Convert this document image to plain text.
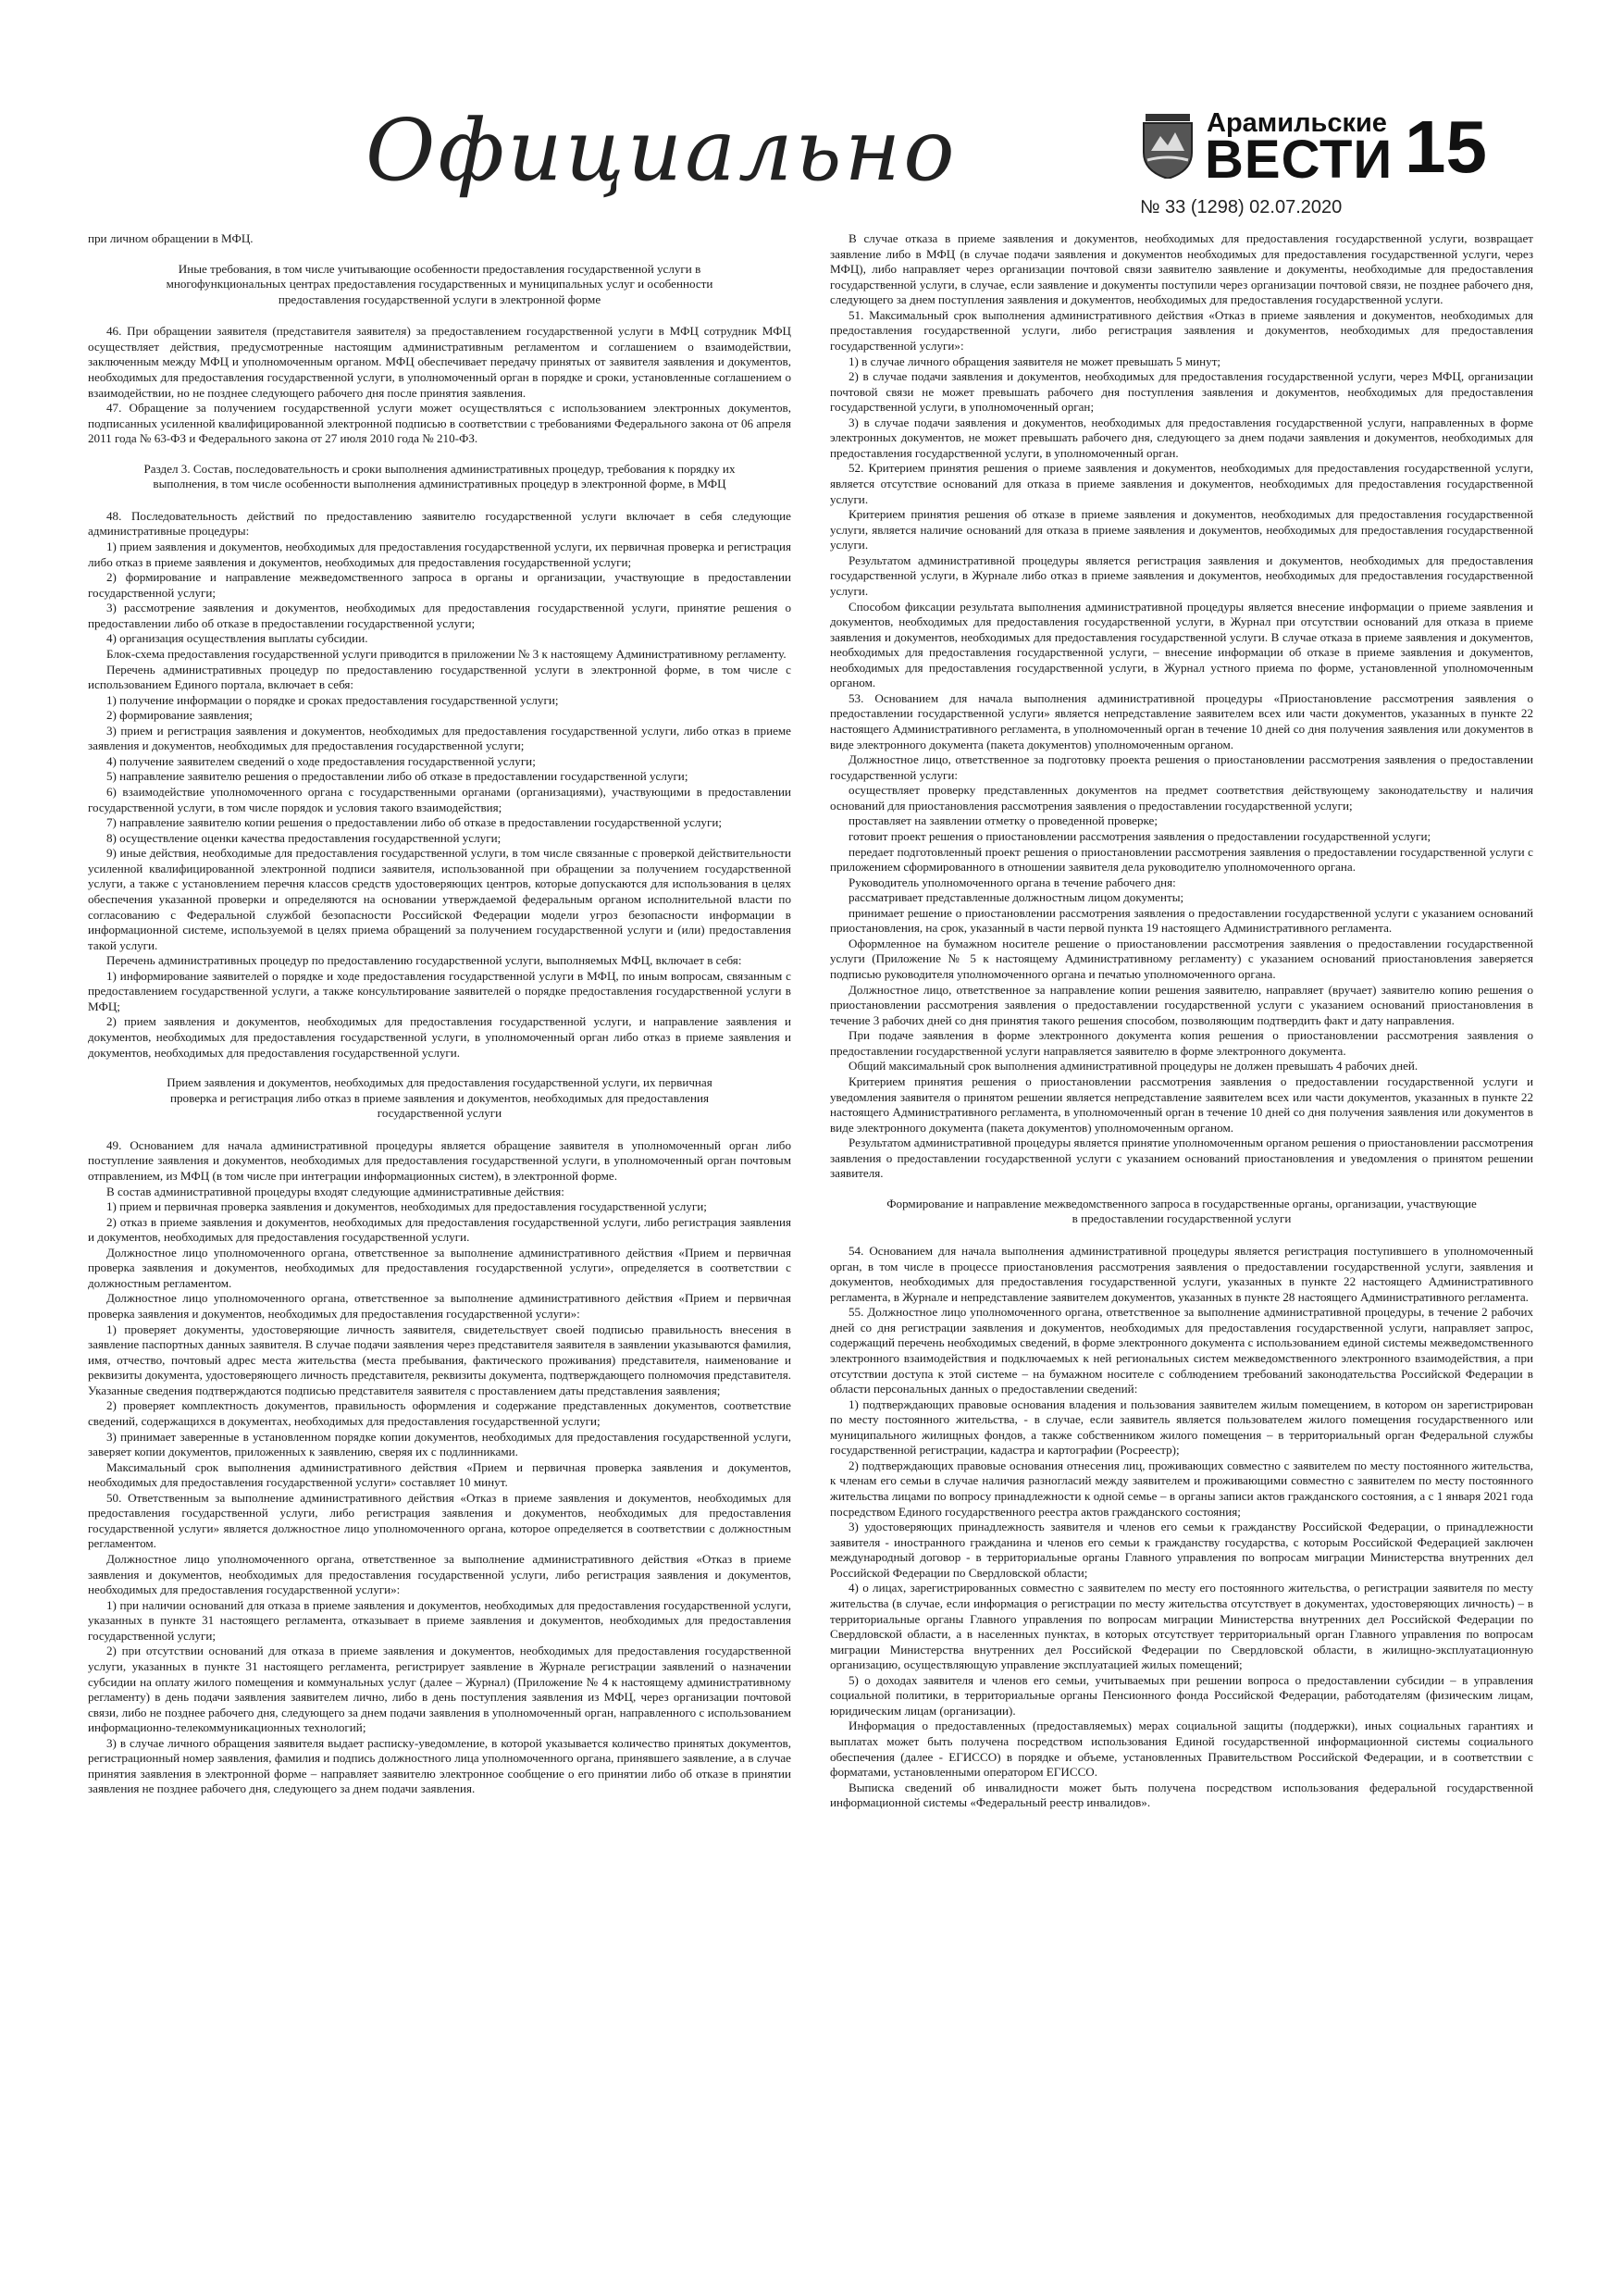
Официально	Арамильские
ВЕСТИ
№ 33 (1298) 02.07.2020
15

при личном обращении в МФЦ.

Иные требования, в том числе учитывающие особенности предоставления государственной услуги в многофункциональных центрах предоставления государственных и муниципальных услуг и особенности предоставления государственной услуги в электронной форме

46. При обращении заявителя (представителя заявителя) за предоставлением государственной услуги в МФЦ сотрудник МФЦ осуществляет действия, предусмотренные настоящим административным регламентом и соглашением о взаимодействии, заключенным между МФЦ и уполномоченным органом. МФЦ обеспечивает передачу принятых от заявителя заявления и документов, необходимых для предоставления государственной услуги, в уполномоченный орган в порядке и сроки, установленные соглашением о взаимодействии, но не позднее следующего рабочего дня после принятия заявления.

47. Обращение за получением государственной услуги может осуществляться с использованием электронных документов, подписанных усиленной квалифицированной электронной подписью в соответствии с требованиями Федерального закона от 06 апреля 2011 года № 63-ФЗ и Федерального закона от 27 июля 2010 года № 210-ФЗ.

Раздел 3. Состав, последовательность и сроки выполнения административных процедур, требования к порядку их выполнения, в том числе особенности выполнения административных процедур в электронной форме, в МФЦ

48. Последовательность действий по предоставлению заявителю государственной услуги включает в себя следующие административные процедуры:

1) прием заявления и документов, необходимых для предоставления государственной услуги, их первичная проверка и регистрация либо отказ в приеме заявления и документов, необходимых для предоставления государственной услуги;

2) формирование и направление межведомственного запроса в органы и организации, участвующие в предоставлении государственной услуги;

3) рассмотрение заявления и документов, необходимых для предоставления государственной услуги, принятие решения о предоставлении либо об отказе в предоставлении государственной услуги;

4) организация осуществления выплаты субсидии.

Блок-схема предоставления государственной услуги приводится в приложении № 3 к настоящему Административному регламенту.

Перечень административных процедур по предоставлению государственной услуги в электронной форме, в том числе с использованием Единого портала, включает в себя:

1) получение информации о порядке и сроках предоставления государственной услуги;

2) формирование заявления;

3) прием и регистрация заявления и документов, необходимых для предоставления государственной услуги, либо отказ в приеме заявления и документов, необходимых для предоставления государственной услуги;

4) получение заявителем сведений о ходе предоставления государственной услуги;

5) направление заявителю решения о предоставлении либо об отказе в предоставлении государственной услуги;

6) взаимодействие уполномоченного органа с государственными органами (организациями), участвующими в предоставлении государственной услуги, в том числе порядок и условия такого взаимодействия;

7) направление заявителю копии решения о предоставлении либо об отказе в предоставлении государственной услуги;

8) осуществление оценки качества предоставления государственной услуги;

9) иные действия, необходимые для предоставления государственной услуги, в том числе связанные с проверкой действительности усиленной квалифицированной электронной подписи заявителя, использованной при обращении за получением государственной услуги, а также с установлением перечня классов средств удостоверяющих центров, которые допускаются для использования в целях обеспечения указанной проверки и определяются на основании утверждаемой федеральным органом исполнительной власти по согласованию с Федеральной службой безопасности Российской Федерации модели угроз безопасности информации в информационной системе, используемой в целях приема обращений за получением государственной услуги и (или) предоставления такой услуги.

Перечень административных процедур по предоставлению государственной услуги, выполняемых МФЦ, включает в себя:

1) информирование заявителей о порядке и ходе предоставления государственной услуги в МФЦ, по иным вопросам, связанным с предоставлением государственной услуги, а также консультирование заявителей о порядке предоставления государственной услуги в МФЦ;

2) прием заявления и документов, необходимых для предоставления государственной услуги, и направление заявления и документов, необходимых для предоставления государственной услуги, в уполномоченный орган либо отказ в приеме заявления и документов, необходимых для предоставления государственной услуги.

Прием заявления и документов, необходимых для предоставления государственной услуги, их первичная проверка и регистрация либо отказ в приеме заявления и документов, необходимых для предоставления государственной услуги

49. Основанием для начала административной процедуры является обращение заявителя в уполномоченный орган либо поступление заявления и документов, необходимых для предоставления государственной услуги, в уполномоченный орган почтовым отправлением, из МФЦ (в том числе при интеграции информационных систем), в электронной форме.

В состав административной процедуры входят следующие административные действия:

1) прием и первичная проверка заявления и документов, необходимых для предоставления государственной услуги;

2) отказ в приеме заявления и документов, необходимых для предоставления государственной услуги, либо регистрация заявления и документов, необходимых для предоставления государственной услуги.

Должностное лицо уполномоченного органа, ответственное за выполнение административного действия «Прием и первичная проверка заявления и документов, необходимых для предоставления государственной услуги», определяется в соответствии с должностным регламентом.

Должностное лицо уполномоченного органа, ответственное за выполнение административного действия «Прием и первичная проверка заявления и документов, необходимых для предоставления государственной услуги»:

1) проверяет документы, удостоверяющие личность заявителя, свидетельствует своей подписью правильность внесения в заявление паспортных данных заявителя. В случае подачи заявления через представителя заявителя в заявлении указываются фамилия, имя, отчество, почтовый адрес места жительства (места пребывания, фактического проживания) представителя, наименование и реквизиты документа, удостоверяющего личность представителя, реквизиты документа, подтверждающего полномочия представителя. Указанные сведения подтверждаются подписью представителя заявителя с проставлением даты представления заявления;

2) проверяет комплектность документов, правильность оформления и содержание представленных документов, соответствие сведений, содержащихся в документах, необходимых для предоставления государственной услуги;

3) принимает заверенные в установленном порядке копии документов, необходимых для предоставления государственной услуги, заверяет копии документов, приложенных к заявлению, сверяя их с подлинниками.

Максимальный срок выполнения административного действия «Прием и первичная проверка заявления и документов, необходимых для предоставления государственной услуги» составляет 10 минут.

50. Ответственным за выполнение административного действия «Отказ в приеме заявления и документов, необходимых для предоставления государственной услуги, либо регистрация заявления и документов, необходимых для предоставления государственной услуги» является должностное лицо уполномоченного органа, которое определяется в соответствии с должностным регламентом.

Должностное лицо уполномоченного органа, ответственное за выполнение административного действия «Отказ в приеме заявления и документов, необходимых для предоставления государственной услуги, либо регистрация заявления и документов, необходимых для предоставления государственной услуги»:

1) при наличии оснований для отказа в приеме заявления и документов, необходимых для предоставления государственной услуги, указанных в пункте 31 настоящего регламента, отказывает в приеме заявления и документов, необходимых для предоставления государственной услуги;

2) при отсутствии оснований для отказа в приеме заявления и документов, необходимых для предоставления государственной услуги, указанных в пункте 31 настоящего регламента, регистрирует заявление в Журнале регистрации заявлений о назначении субсидии на оплату жилого помещения и коммунальных услуг (далее – Журнал) (Приложение № 4 к настоящему административному регламенту) в день подачи заявления заявителем лично, либо в день поступления заявления из МФЦ, через организации почтовой связи, либо не позднее рабочего дня, следующего за днем подачи заявления в уполномоченный орган, направленного с использованием информационно-телекоммуникационных технологий;

3) в случае личного обращения заявителя выдает расписку-уведомление, в которой указывается количество принятых документов, регистрационный номер заявления, фамилия и подпись должностного лица уполномоченного органа, принявшего заявление, а в случае принятия заявления в электронной форме – направляет заявителю электронное сообщение о его принятии либо об отказе в принятии заявления не позднее рабочего дня, следующего за днем подачи заявления.

В случае отказа в приеме заявления и документов, необходимых для предоставления государственной услуги, возвращает заявление либо в МФЦ (в случае подачи заявления и документов необходимых для предоставления государственной услуги, через МФЦ), либо направляет через организации почтовой связи заявителю заявление и документы, необходимые для предоставления государственной услуги, в случае, если заявление и документы поступили через организации почтовой связи, не позднее рабочего дня, следующего за днем поступления заявления и документов, необходимых для предоставления государственной услуги.

51. Максимальный срок выполнения административного действия «Отказ в приеме заявления и документов, необходимых для предоставления государственной услуги, либо регистрация заявления и документов, необходимых для предоставления государственной услуги»:

1) в случае личного обращения заявителя не может превышать 5 минут;

2) в случае подачи заявления и документов, необходимых для предоставления государственной услуги, через МФЦ, организации почтовой связи не может превышать рабочего дня поступления заявления и документов, необходимых для предоставления государственной услуги, в уполномоченный орган;

3) в случае подачи заявления и документов, необходимых для предоставления государственной услуги, направленных в форме электронных документов, не может превышать рабочего дня, следующего за днем подачи заявления и документов, необходимых для предоставления государственной услуги, в уполномоченный орган.

52. Критерием принятия решения о приеме заявления и документов, необходимых для предоставления государственной услуги, является отсутствие оснований для отказа в приеме заявления и документов, необходимых для предоставления государственной услуги.

Критерием принятия решения об отказе в приеме заявления и документов, необходимых для предоставления государственной услуги, является наличие оснований для отказа в приеме заявления и документов, необходимых для предоставления государственной услуги.

Результатом административной процедуры является регистрация заявления и документов, необходимых для предоставления государственной услуги, в Журнале либо отказ в приеме заявления и документов, необходимых для предоставления государственной услуги.

Способом фиксации результата выполнения административной процедуры является внесение информации о приеме заявления и документов, необходимых для предоставления государственной услуги, в Журнал при отсутствии оснований для отказа в приеме заявления и документов, необходимых для предоставления государственной услуги. В случае отказа в приеме заявления и документов, необходимых для предоставления государственной услуги, – внесение информации об отказе в приеме заявления и документов, необходимых для предоставления государственной услуги, в Журнал устного приема по форме, установленной уполномоченным органом.

53. Основанием для начала выполнения административной процедуры «Приостановление рассмотрения заявления о предоставлении государственной услуги» является непредставление заявителем всех или части документов, указанных в пункте 22 настоящего Административного регламента, в уполномоченный орган в течение 10 дней со дня получения заявления или документов в виде электронного документа (пакета документов) уполномоченным органом.

Должностное лицо, ответственное за подготовку проекта решения о приостановлении рассмотрения заявления о предоставлении государственной услуги:

осуществляет проверку представленных документов на предмет соответствия действующему законодательству и наличия оснований для приостановления рассмотрения заявления о предоставлении государственной услуги;

проставляет на заявлении отметку о проведенной проверке;

готовит проект решения о приостановлении рассмотрения заявления о предоставлении государственной услуги;

передает подготовленный проект решения о приостановлении рассмотрения заявления о предоставлении государственной услуги с приложением сформированного в отношении заявителя дела руководителю уполномоченного органа.

Руководитель уполномоченного органа в течение рабочего дня:

рассматривает представленные должностным лицом документы;

принимает решение о приостановлении рассмотрения заявления о предоставлении государственной услуги с указанием оснований приостановления, на срок, указанный в части первой пункта 19 настоящего Административного регламента.

Оформленное на бумажном носителе решение о приостановлении рассмотрения заявления о предоставлении государственной услуги (Приложение № 5 к настоящему Административному регламенту) с указанием оснований приостановления заверяется подписью руководителя уполномоченного органа и печатью уполномоченного органа.

Должностное лицо, ответственное за направление копии решения заявителю, направляет (вручает) заявителю копию решения о приостановлении рассмотрения заявления о предоставлении государственной услуги с указанием оснований приостановления в течение 3 рабочих дней со дня принятия такого решения способом, позволяющим подтвердить факт и дату направления.

При подаче заявления в форме электронного документа копия решения о приостановлении рассмотрения заявления о предоставлении государственной услуги направляется заявителю в форме электронного документа.

Общий максимальный срок выполнения административной процедуры не должен превышать 4 рабочих дней.

Критерием принятия решения о приостановлении рассмотрения заявления о предоставлении государственной услуги и уведомления заявителя о принятом решении является непредставление заявителем всех или части документов, указанных в пункте 22 настоящего Административного регламента, в уполномоченный орган в течение 10 дней со дня получения заявления или документов в виде электронного документа (пакета документов) уполномоченным органом.

Результатом административной процедуры является принятие уполномоченным органом решения о приостановлении рассмотрения заявления о предоставлении государственной услуги с указанием оснований приостановления и уведомления о принятом решении заявителя.

Формирование и направление межведомственного запроса в государственные органы, организации, участвующие в предоставлении государственной услуги

54. Основанием для начала выполнения административной процедуры является регистрация поступившего в уполномоченный орган, в том числе в процессе приостановления рассмотрения заявления о предоставлении государственной услуги, заявления и документов, необходимых для предоставления государственной услуги, указанных в пункте 22 настоящего Административного регламента, в Журнале и непредставление заявителем документов, указанных в пункте 28 настоящего Административного регламента.

55. Должностное лицо уполномоченного органа, ответственное за выполнение административной процедуры, в течение 2 рабочих дней со дня регистрации заявления и документов, необходимых для предоставления государственной услуги, направляет запрос, содержащий перечень необходимых сведений, в форме электронного документа с использованием единой системы межведомственного электронного взаимодействия и подключаемых к ней региональных систем межведомственного электронного взаимодействия, а при отсутствии доступа к этой системе – на бумажном носителе с соблюдением требований законодательства Российской Федерации в области персональных данных о предоставлении сведений:

1) подтверждающих правовые основания владения и пользования заявителем жилым помещением, в котором он зарегистрирован по месту постоянного жительства, - в случае, если заявитель является пользователем жилого помещения государственного или муниципального жилищных фондов, а также собственником жилого помещения – в территориальный орган Федеральной службы государственной регистрации, кадастра и картографии (Росреестр);

2) подтверждающих правовые основания отнесения лиц, проживающих совместно с заявителем по месту постоянного жительства, к членам его семьи в случае наличия разногласий между заявителем и проживающими совместно с заявителем по месту постоянного жительства лицами по вопросу принадлежности к одной семье – в органы записи актов гражданского состояния, а с 1 января 2021 года посредством Единого государственного реестра актов гражданского состояния;

3) удостоверяющих принадлежность заявителя и членов его семьи к гражданству Российской Федерации, о принадлежности заявителя - иностранного гражданина и членов его семьи к гражданству государства, с которым Российской Федерацией заключен международный договор - в территориальные органы Главного управления по вопросам миграции Министерства внутренних дел Российской Федерации по Свердловской области;

4) о лицах, зарегистрированных совместно с заявителем по месту его постоянного жительства, о регистрации заявителя по месту жительства (в случае, если информация о регистрации по месту жительства отсутствует в документах, удостоверяющих личность) – в территориальные органы Главного управления по вопросам миграции Министерства внутренних дел Российской Федерации по Свердловской области, а в населенных пунктах, в которых отсутствует территориальный орган Главного управления по вопросам миграции Министерства внутренних дел Российской Федерации по Свердловской области, в жилищно-эксплуатационную организацию, осуществляющую управление эксплуатацией жилых помещений;

5) о доходах заявителя и членов его семьи, учитываемых при решении вопроса о предоставлении субсидии – в управления социальной политики, в территориальные органы Пенсионного фонда Российской Федерации, работодателям (физическим лицам, юридическим лицам (организации).

Информация о предоставленных (предоставляемых) мерах социальной защиты (поддержки), иных социальных гарантиях и выплатах может быть получена посредством использования Единой государственной информационной системы социального обеспечения (далее - ЕГИССО) в порядке и объеме, установленных Правительством Российской Федерации, и в соответствии с форматами, установленными оператором ЕГИССО.

Выписка сведений об инвалидности может быть получена посредством использования федеральной государственной информационной системы «Федеральный реестр инвалидов».
